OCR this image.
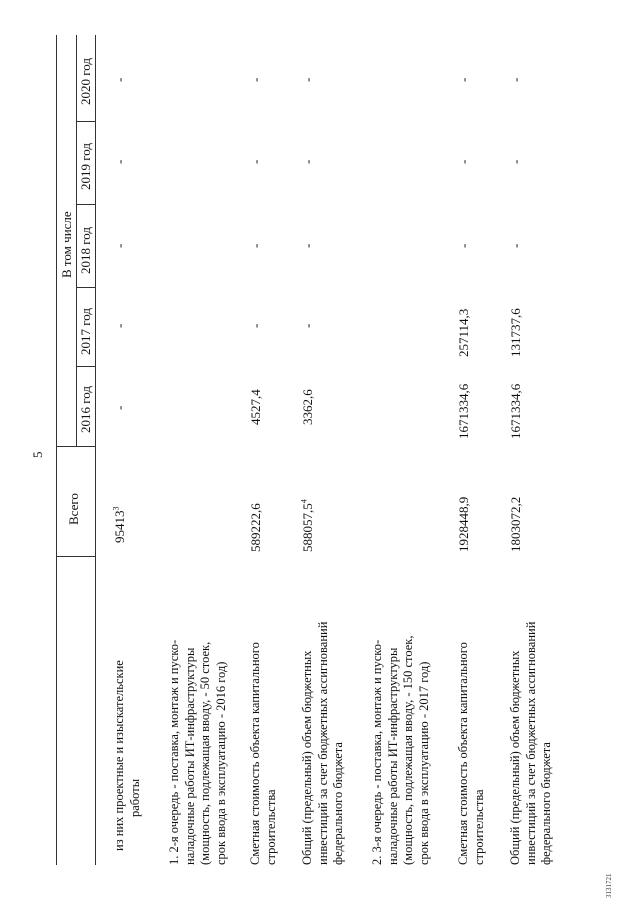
5
Всего
В том числе
2016 год
2017 год
2018 год
2019 год
2020 год
из них проектные и изыскательские работы
95413$^3$
-
-
-
-
-
1. 2-я очередь - поставка, монтаж и пуско- наладочные работы ИТ-инфраструктуры (мощность, подлежащая вводу, - 50 стоек, срок ввода в эксплуатацию - 2016 год) Сметная стоимость объекта капитального строительства
589222,6
4527,4
-
-
-
-
Общий (предельный) объем бюджетных инвестиций за счет бюджетных ассигнований федерального бюджета
588057,5$^4$
3362,6
-
-
-
-
2. 3-я очередь - поставка, монтаж и пуско- наладочные работы ИТ-инфраструктуры (мощность, подлежащая вводу, - 150 стоек, срок ввода в эксплуатацию - 2017 год) Сметная стоимость объекта капитального строительства
1928448,9
1671334,6
257114,3
-
-
-
Общий (предельный) объем бюджетных инвестиций за счет бюджетных ассигнований федерального бюджета
1803072,2
1671334,6
131737,6
-
-
-
3131721
